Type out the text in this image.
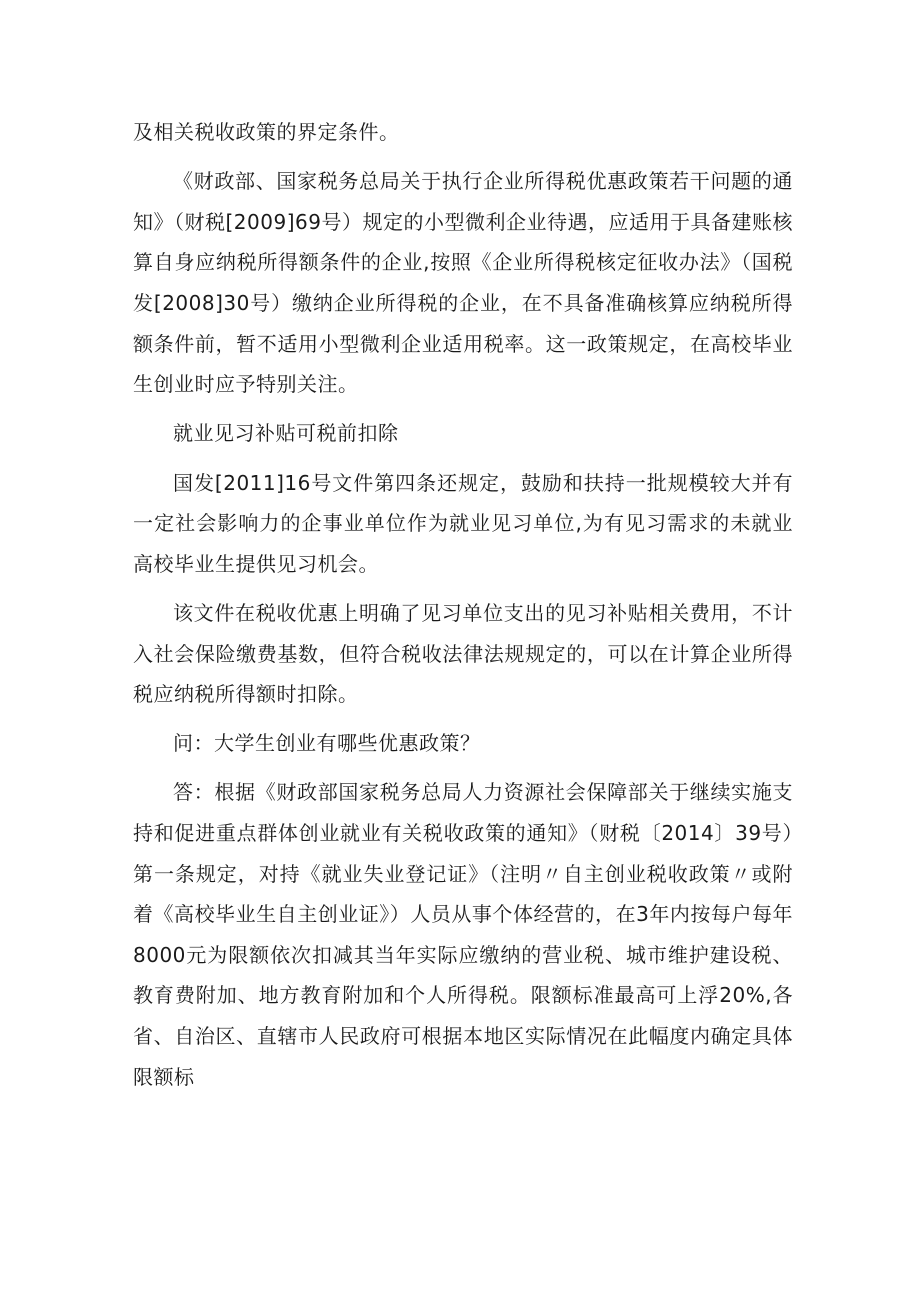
及相关税收政策的界定条件。

《财政部、国家税务总局关于执行企业所得税优惠政策若干问题的通知》（财税[2009]69号）规定的小型微利企业待遇，应适用于具备建账核算自身应纳税所得额条件的企业,按照《企业所得税核定征收办法》（国税发[2008]30号）缴纳企业所得税的企业，在不具备准确核算应纳税所得额条件前，暂不适用小型微利企业适用税率。这一政策规定，在高校毕业生创业时应予特别关注。

就业见习补贴可税前扣除

国发[2011]16号文件第四条还规定，鼓励和扶持一批规模较大并有一定社会影响力的企事业单位作为就业见习单位,为有见习需求的未就业高校毕业生提供见习机会。

该文件在税收优惠上明确了见习单位支出的见习补贴相关费用，不计入社会保险缴费基数，但符合税收法律法规规定的，可以在计算企业所得税应纳税所得额时扣除。

问：大学生创业有哪些优惠政策？

答：根据《财政部国家税务总局人力资源社会保障部关于继续实施支持和促进重点群体创业就业有关税收政策的通知》（财税〔2014〕39号）第一条规定，对持《就业失业登记证》（注明〃自主创业税收政策〃或附着《高校毕业生自主创业证》）人员从事个体经营的，在3年内按每户每年8000元为限额依次扣减其当年实际应缴纳的营业税、城市维护建设税、教育费附加、地方教育附加和个人所得税。限额标准最高可上浮20%,各省、自治区、直辖市人民政府可根据本地区实际情况在此幅度内确定具体限额标
